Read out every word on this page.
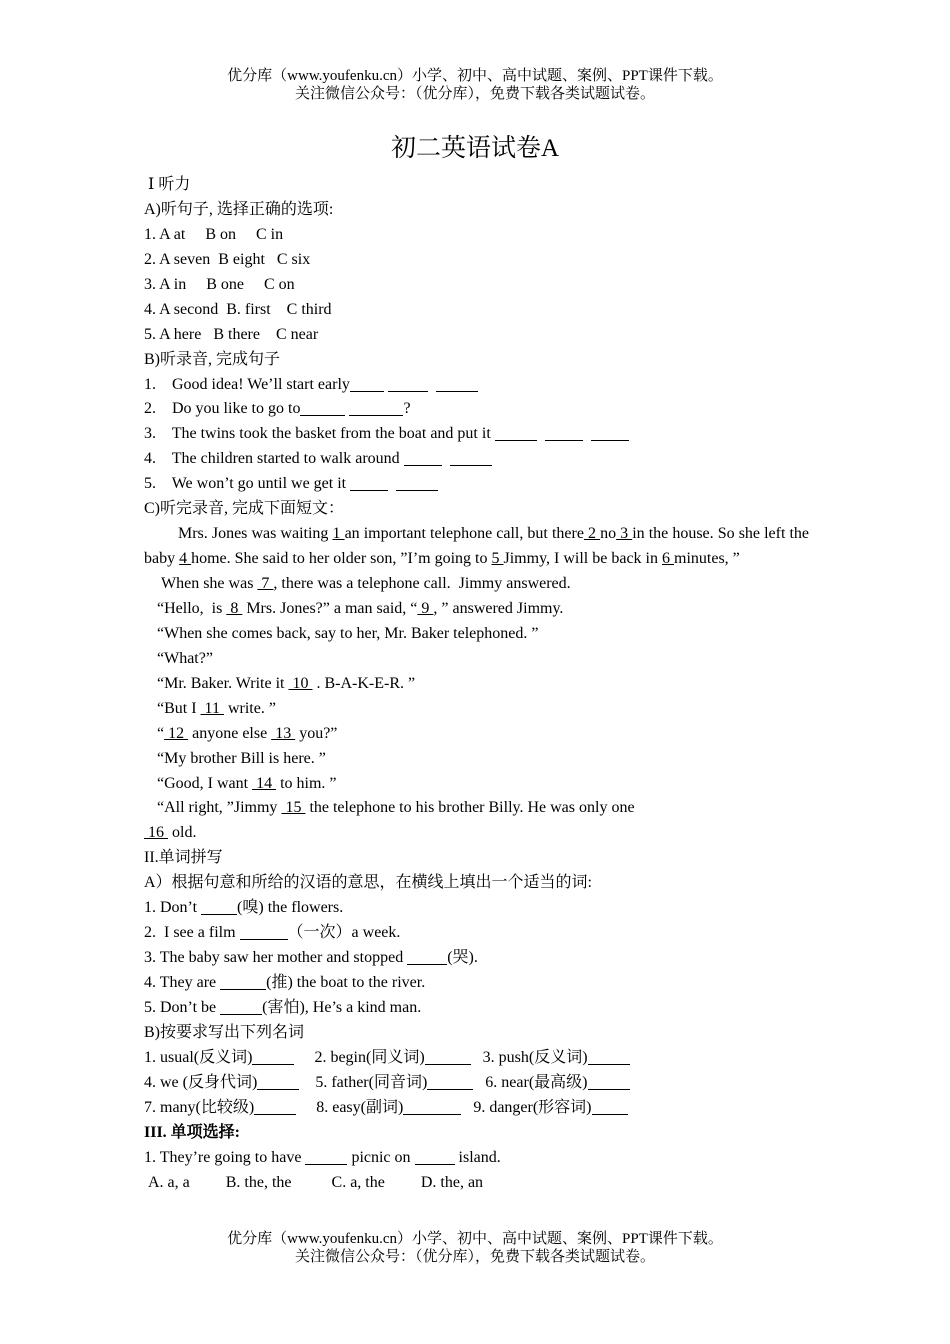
优分库（www.youfenku.cn）小学、初中、高中试题、案例、PPT课件下载。
关注微信公众号：（优分库），免费下载各类试题试卷。
初二英语试卷A
Ⅰ 听力
A)听句子, 选择正确的选项:
1. A at     B on     C in
2. A seven  B eight   C six
3. A in     B one     C on
4. A second  B. first    C third
5. A here   B there    C near
B)听录音, 完成句子
1. Good idea! We’ll start early
2. Do you like to go to	?
3. The twins took the basket from the boat and put it
4. The children started to walk around
5. We won’t go until we get it
C)听完录音, 完成下面短文：
Mrs. Jones was waiting 1 an important telephone call, but there 2 no 3 in the house. So she left the baby 4 home. She said to her older son, ”I’m going to 5 Jimmy, I will be back in 6 minutes, ”
When she was  7 , there was a telephone call.  Jimmy answered.
“Hello,  is  8  Mrs. Jones?” a man said, “ 9 , ” answered Jimmy.
“When she comes back, say to her, Mr. Baker telephoned. ”
“What?”
“Mr. Baker. Write it  10  . B-A-K-E-R. ”
“But I  11  write. ”
“ 12  anyone else  13  you?”
“My brother Bill is here. ”
“Good, I want  14  to him. ”
“All right, ”Jimmy  15  the telephone to his brother Billy. He was only one
16  old.
II.单词拼写
A）根据句意和所给的汉语的意思，在横线上填出一个适当的词:
1. Don’t (嗅) the flowers.
2.  I see a film	（一次）a week.
3. The baby saw her mother and stopped	(哭).
4. They are	(推) the boat to the river.
5. Don’t be	(害怕), He’s a kind man.
B)按要求写出下列名词
1. usual(反义词)	2. begin(同义词)	3. push(反义词)
4. we (反身代词)	5. father(同音词)	6. near(最高级)
7. many(比较级)	8. easy(副词)	9. danger(形容词)
III. 单项选择:
1. They’re going to have	picnic on	island.
A. a, a         B. the, the          C. a, the         D. the, an
优分库（www.youfenku.cn）小学、初中、高中试题、案例、PPT课件下载。
关注微信公众号：（优分库），免费下载各类试题试卷。
